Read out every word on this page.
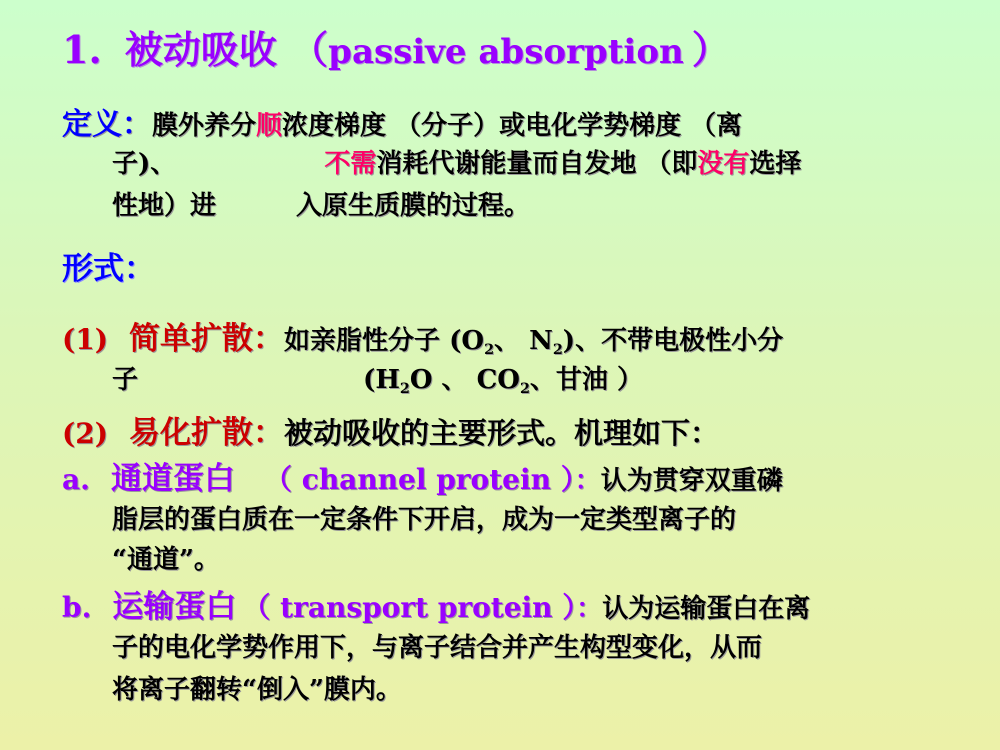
1. 被动吸收 （passive absorption ）
定义：膜外养分顺浓度梯度 （分子）或电化学势梯度 （离
子)、	不需消耗代谢能量而自发地 （即没有选择
性地）进	入原生质膜的过程。
形式：
(1) 简单扩散：如亲脂性分子 ($O_2$、 $N_2$)、不带电极性小分
子	($H_2O$ 、 $CO_2$、甘油 ）
(2) 易化扩散：被动吸收的主要形式。机理如下：
a. 通道蛋白 （ channel protein ）：认为贯穿双重磷
脂层的蛋白质在一定条件下开启，成为一定类型离子的
“通道”。
b. 运输蛋白 （ transport protein ）：认为运输蛋白在离
子的电化学势作用下，与离子结合并产生构型变化，从而
将离子翻转“倒入”膜内。
